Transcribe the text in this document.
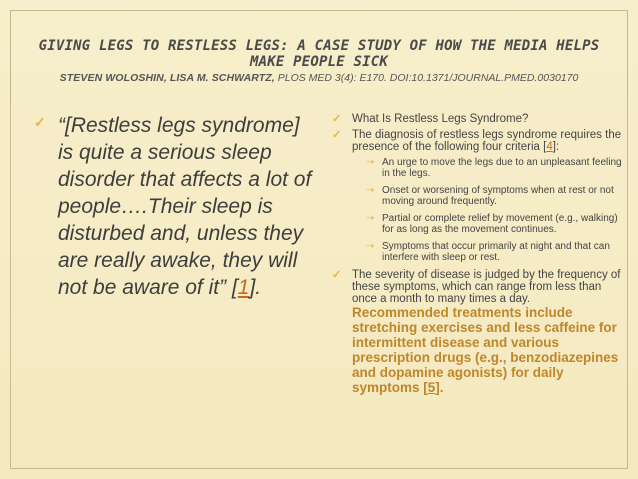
GIVING LEGS TO RESTLESS LEGS: A CASE STUDY OF HOW THE MEDIA HELPS MAKE PEOPLE SICK
STEVEN WOLOSHIN, LISA M. SCHWARTZ, PLOS MED 3(4): E170. DOI:10.1371/JOURNAL.PMED.0030170
✓ “[Restless legs syndrome] is quite a serious sleep disorder that affects a lot of people….Their sleep is disturbed and, unless they are really awake, they will not be aware of it” [1].
✓ What Is Restless Legs Syndrome?
✓ The diagnosis of restless legs syndrome requires the presence of the following four criteria [4]:
➝ An urge to move the legs due to an unpleasant feeling in the legs.
➝ Onset or worsening of symptoms when at rest or not moving around frequently.
➝ Partial or complete relief by movement (e.g., walking) for as long as the movement continues.
➝ Symptoms that occur primarily at night and that can interfere with sleep or rest.
✓ The severity of disease is judged by the frequency of these symptoms, which can range from less than once a month to many times a day. Recommended treatments include stretching exercises and less caffeine for intermittent disease and various prescription drugs (e.g., benzodiazepines and dopamine agonists) for daily symptoms [5].
